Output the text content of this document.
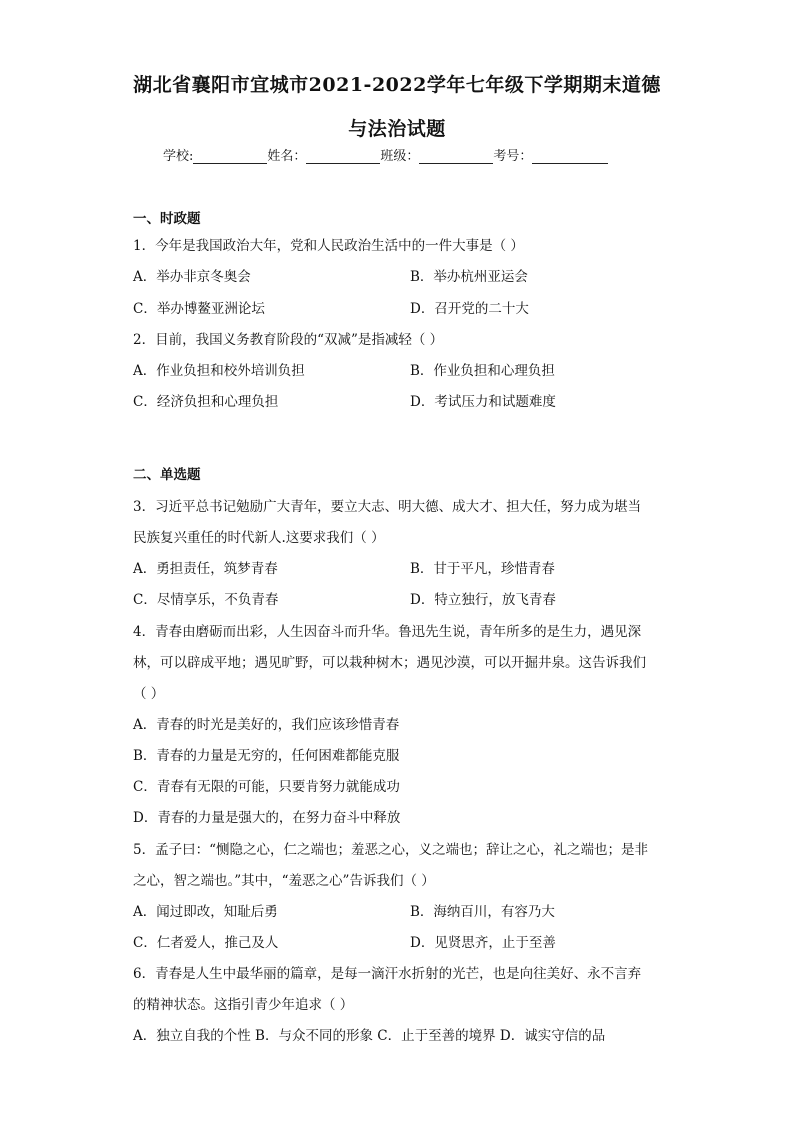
湖北省襄阳市宜城市2021-2022学年七年级下学期期末道德
与法治试题
学校:	姓名：	班级：	考号：
一、时政题
1．今年是我国政治大年，党和人民政治生活中的一件大事是（ ）
A．举办非京冬奥会	B．举办杭州亚运会
C．举办博鳌亚洲论坛	D．召开党的二十大
2．目前，我国义务教育阶段的“双减”是指减轻（ ）
A．作业负担和校外培训负担	B．作业负担和心理负担
C．经济负担和心理负担	D．考试压力和试题难度
二、单选题
3．习近平总书记勉励广大青年，要立大志、明大德、成大才、担大任，努力成为堪当
民族复兴重任的时代新人.这要求我们（ ）
A．勇担责任，筑梦青春	B．甘于平凡，珍惜青春
C．尽情享乐，不负青春	D．特立独行，放飞青春
4．青春由磨砺而出彩，人生因奋斗而升华。鲁迅先生说，青年所多的是生力，遇见深
林，可以辟成平地；遇见旷野，可以栽种树木；遇见沙漠，可以开掘井泉。这告诉我们
（ ）
A．青春的时光是美好的，我们应该珍惜青春
B．青春的力量是无穷的，任何困难都能克服
C．青春有无限的可能，只要肯努力就能成功
D．青春的力量是强大的，在努力奋斗中释放
5．孟子曰：“恻隐之心，仁之端也；羞恶之心，义之端也；辞让之心，礼之端也；是非
之心，智之端也。”其中，“羞恶之心”告诉我们（ ）
A．闻过即改，知耻后勇	B．海纳百川，有容乃大
C．仁者爱人，推己及人	D．见贤思齐，止于至善
6．青春是人生中最华丽的篇章，是每一滴汗水折射的光芒，也是向往美好、永不言弃
的精神状态。这指引青少年追求（ ）
A．独立自我的个性 B．与众不同的形象 C．止于至善的境界 D．诚实守信的品
